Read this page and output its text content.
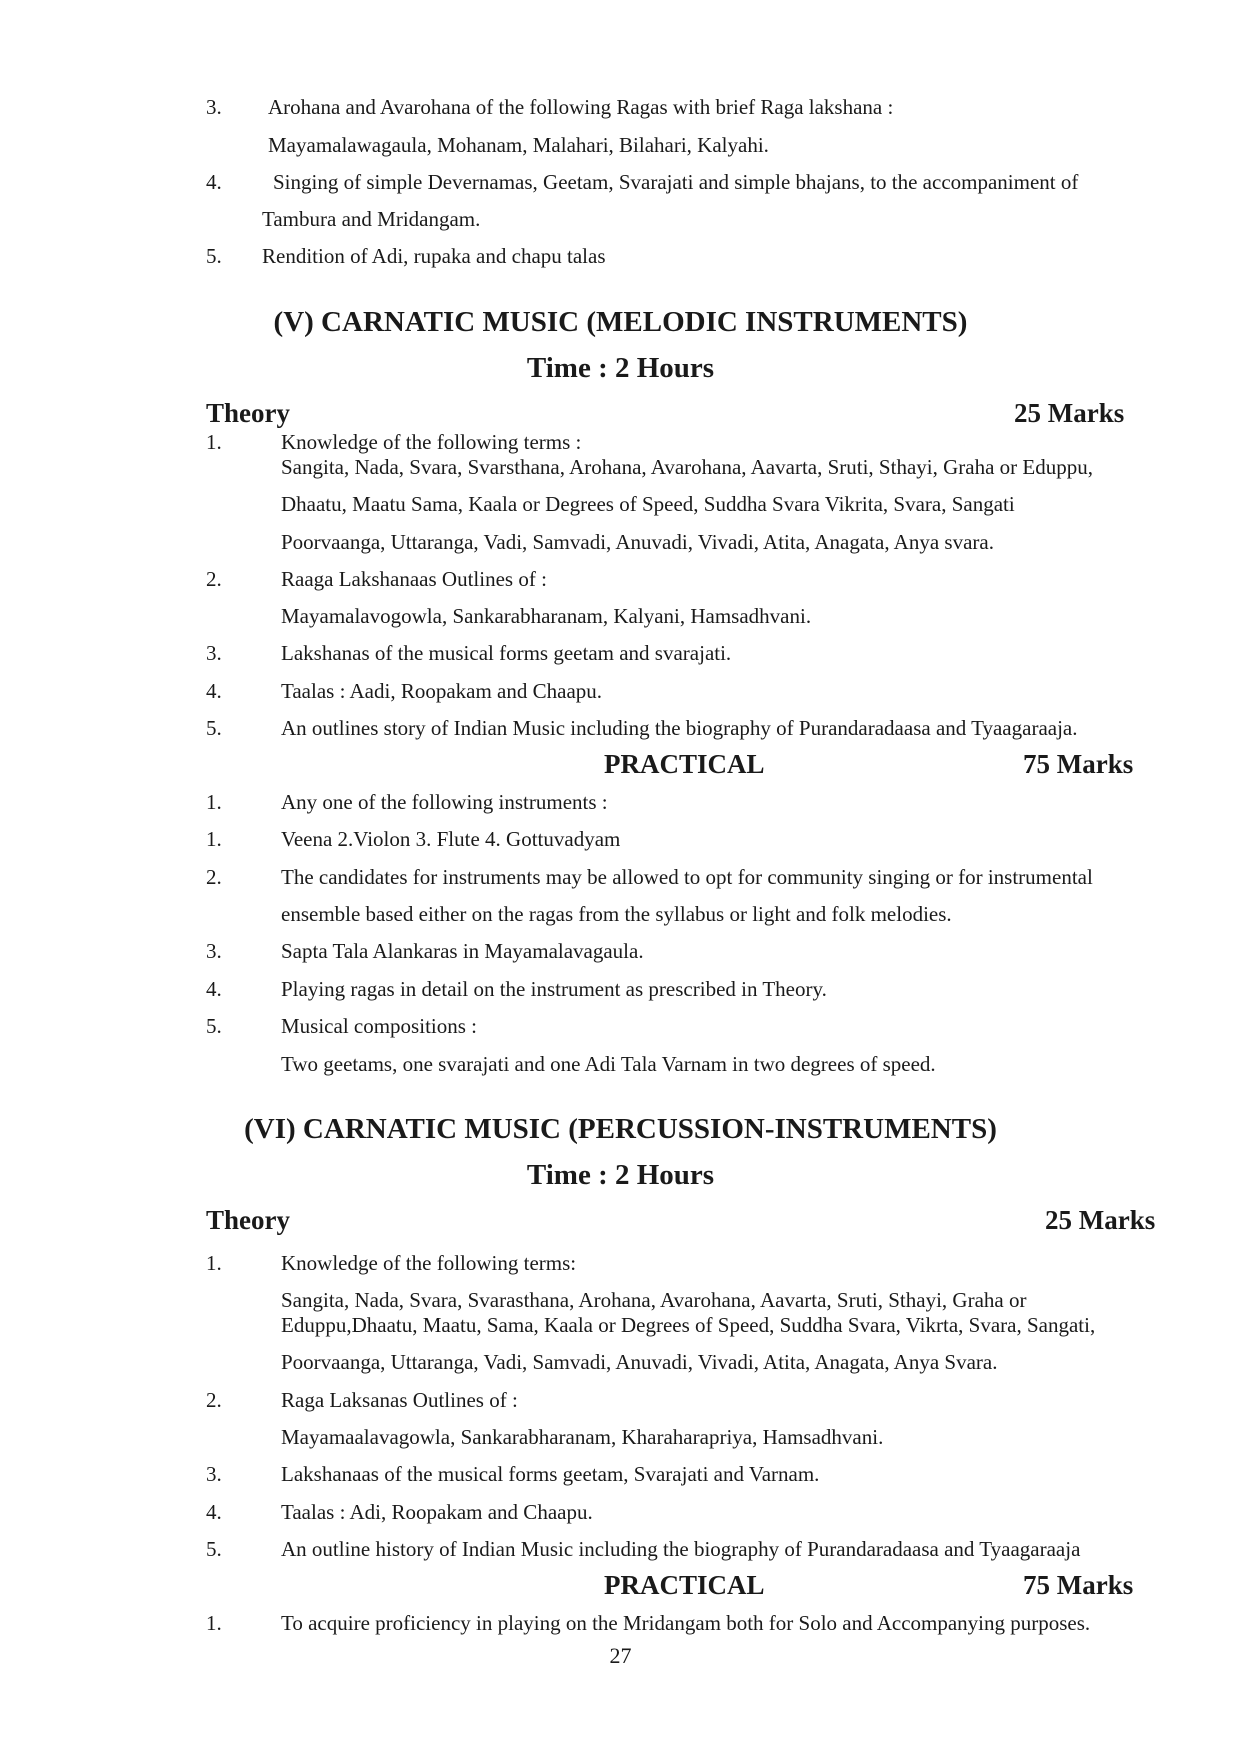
3. Arohana and Avarohana of the following Ragas with brief Raga lakshana :
Mayamalawagaula, Mohanam, Malahari, Bilahari, Kalyahi.
4. Singing of simple Devernamas, Geetam, Svarajati and simple bhajans, to the accompaniment of
Tambura and Mridangam.
5. Rendition of Adi, rupaka and chapu talas
(V) CARNATIC MUSIC (MELODIC INSTRUMENTS)
Time : 2 Hours
Theory	25 Marks
1.	Knowledge of the following terms :
Sangita, Nada, Svara, Svarsthana, Arohana, Avarohana, Aavarta, Sruti, Sthayi, Graha or Eduppu,
Dhaatu, Maatu Sama, Kaala or Degrees of Speed, Suddha Svara Vikrita, Svara, Sangati
Poorvaanga, Uttaranga, Vadi, Samvadi, Anuvadi, Vivadi, Atita, Anagata, Anya svara.
2.	Raaga Lakshanaas Outlines of :
Mayamalavogowla, Sankarabharanam, Kalyani, Hamsadhvani.
3.	Lakshanas of the musical forms geetam and svarajati.
4.	Taalas : Aadi, Roopakam and Chaapu.
5.	An outlines story of Indian Music including the biography of Purandaradaasa and Tyaagaraaja.
PRACTICAL	75 Marks
1.	Any one of the following instruments :
1.	Veena 2.Violon 3. Flute 4. Gottuvadyam
2.	The candidates for instruments may be allowed to opt for community singing or for instrumental
ensemble based either on the ragas from the syllabus or light and folk melodies.
3.	Sapta Tala Alankaras in Mayamalavagaula.
4.	Playing ragas in detail on the instrument as prescribed in Theory.
5.	Musical compositions :
Two geetams, one svarajati and one Adi Tala Varnam in two degrees of speed.
(VI) CARNATIC MUSIC (PERCUSSION-INSTRUMENTS)
Time : 2 Hours
Theory	25 Marks
1.	Knowledge of the following terms:
Sangita, Nada, Svara, Svarasthana, Arohana, Avarohana, Aavarta, Sruti, Sthayi, Graha or
Eduppu,Dhaatu, Maatu, Sama, Kaala or Degrees of Speed, Suddha Svara, Vikrta, Svara, Sangati,
Poorvaanga, Uttaranga, Vadi, Samvadi, Anuvadi, Vivadi, Atita, Anagata, Anya Svara.
2.	Raga Laksanas Outlines of :
Mayamaalavagowla, Sankarabharanam, Kharaharapriya, Hamsadhvani.
3.	Lakshanaas of the musical forms geetam, Svarajati and Varnam.
4.	Taalas : Adi, Roopakam and Chaapu.
5.	An outline history of Indian Music including the biography of Purandaradaasa and Tyaagaraaja
PRACTICAL	75 Marks
1.	To acquire proficiency in playing on the Mridangam both for Solo and Accompanying purposes.
27
